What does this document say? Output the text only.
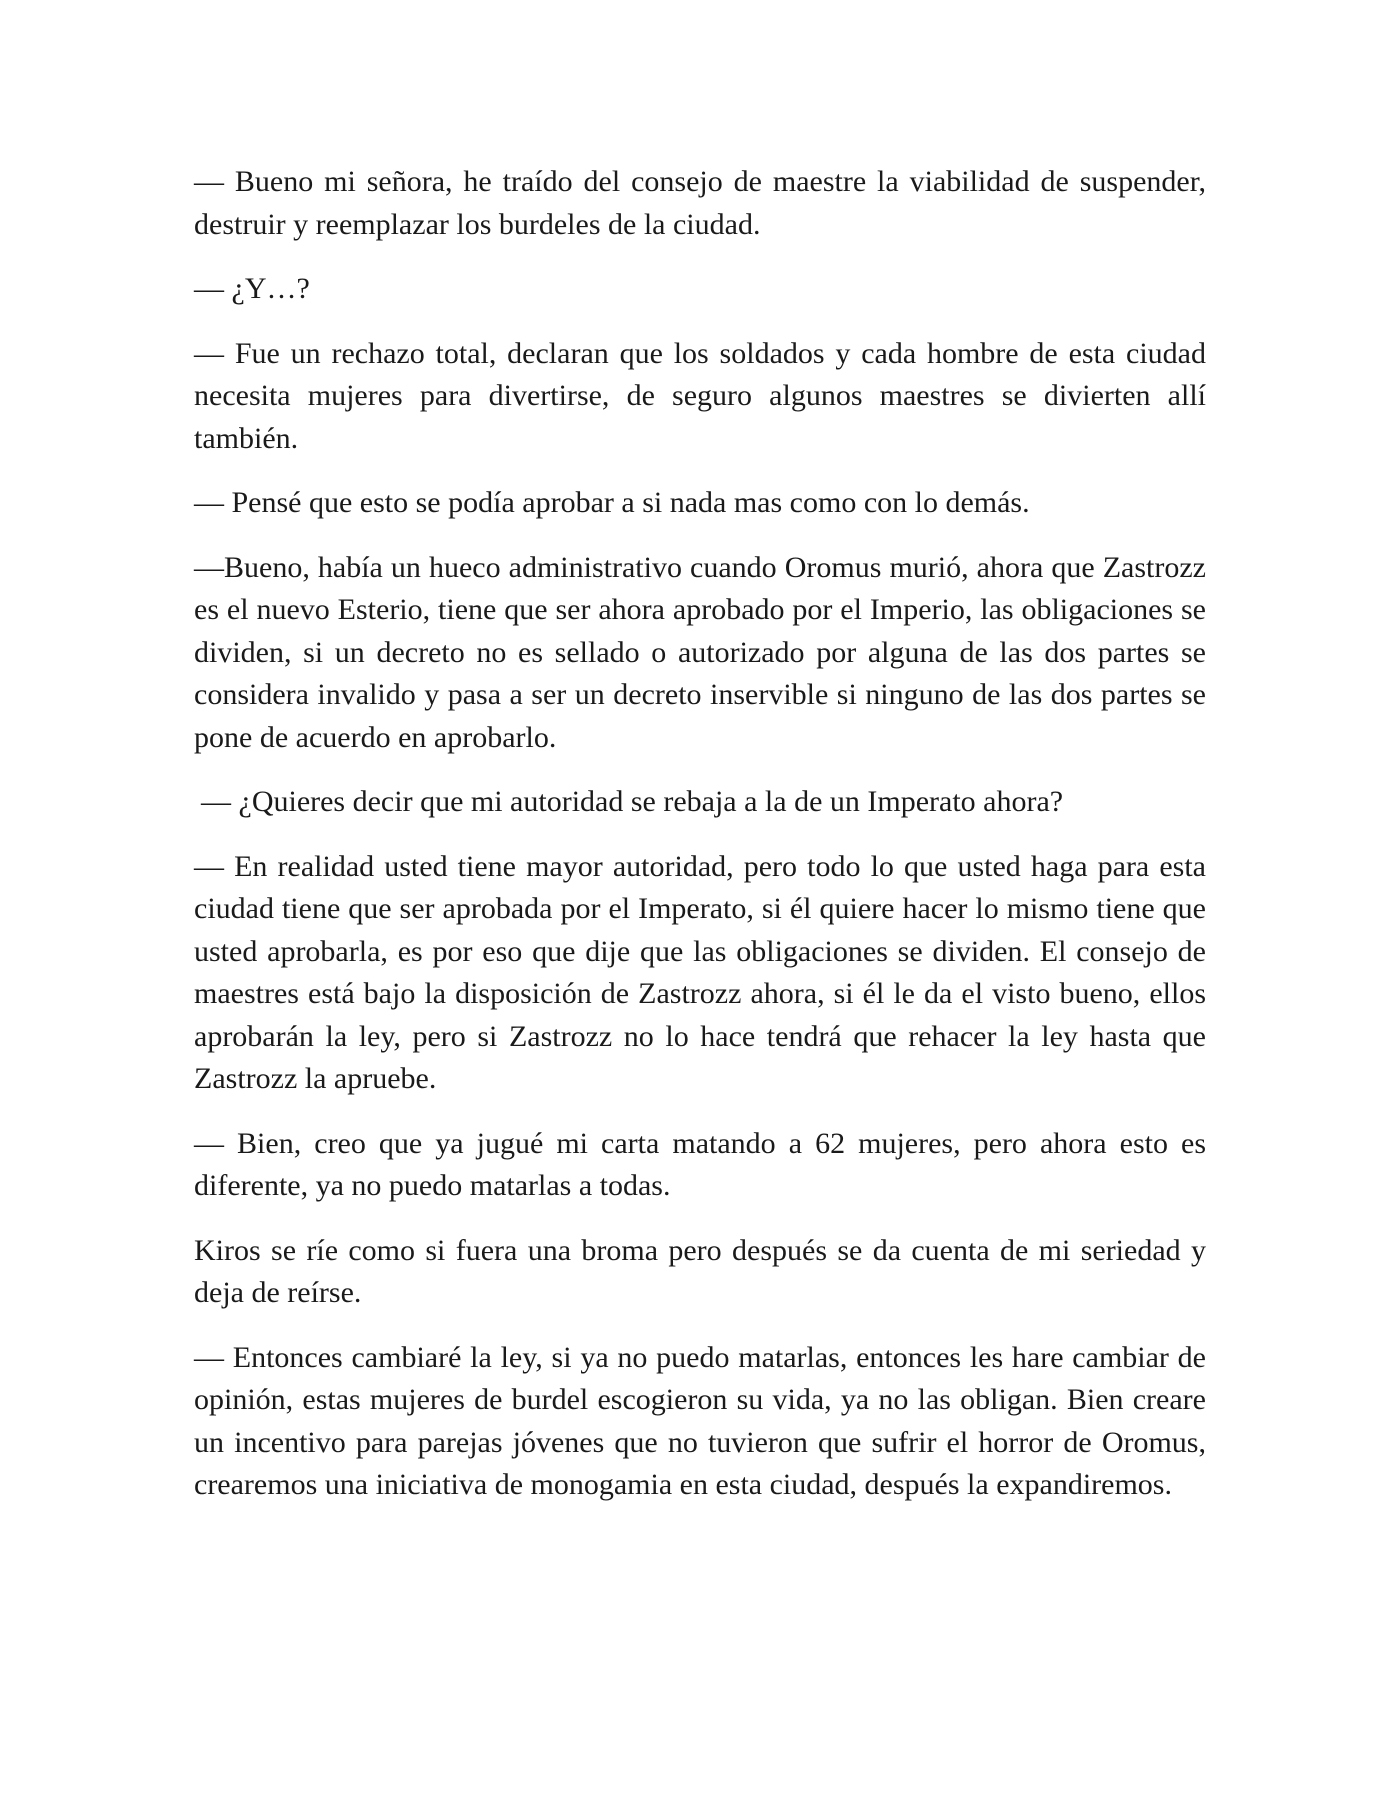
— Bueno mi señora, he traído del consejo de maestre la viabilidad de suspender, destruir y reemplazar los burdeles de la ciudad.

— ¿Y…?

— Fue un rechazo total, declaran que los soldados y cada hombre de esta ciudad necesita mujeres para divertirse, de seguro algunos maestres se divierten allí también.

— Pensé que esto se podía aprobar a si nada mas como con lo demás.

—Bueno, había un hueco administrativo cuando Oromus murió, ahora que Zastrozz es el nuevo Esterio, tiene que ser ahora aprobado por el Imperio, las obligaciones se dividen, si un decreto no es sellado o autorizado por alguna de las dos partes se considera invalido y pasa a ser un decreto inservible si ninguno de las dos partes se pone de acuerdo en aprobarlo.

— ¿Quieres decir que mi autoridad se rebaja a la de un Imperato ahora?

— En realidad usted tiene mayor autoridad, pero todo lo que usted haga para esta ciudad tiene que ser aprobada por el Imperato, si él quiere hacer lo mismo tiene que usted aprobarla, es por eso que dije que las obligaciones se dividen. El consejo de maestres está bajo la disposición de Zastrozz ahora, si él le da el visto bueno, ellos aprobarán la ley, pero si Zastrozz no lo hace tendrá que rehacer la ley hasta que Zastrozz la apruebe.

— Bien, creo que ya jugué mi carta matando a 62 mujeres, pero ahora esto es diferente, ya no puedo matarlas a todas.

Kiros se ríe como si fuera una broma pero después se da cuenta de mi seriedad y deja de reírse.

— Entonces cambiaré la ley, si ya no puedo matarlas, entonces les hare cambiar de opinión, estas mujeres de burdel escogieron su vida, ya no las obligan. Bien creare un incentivo para parejas jóvenes que no tuvieron que sufrir el horror de Oromus, crearemos una iniciativa de monogamia en esta ciudad, después la expandiremos.
